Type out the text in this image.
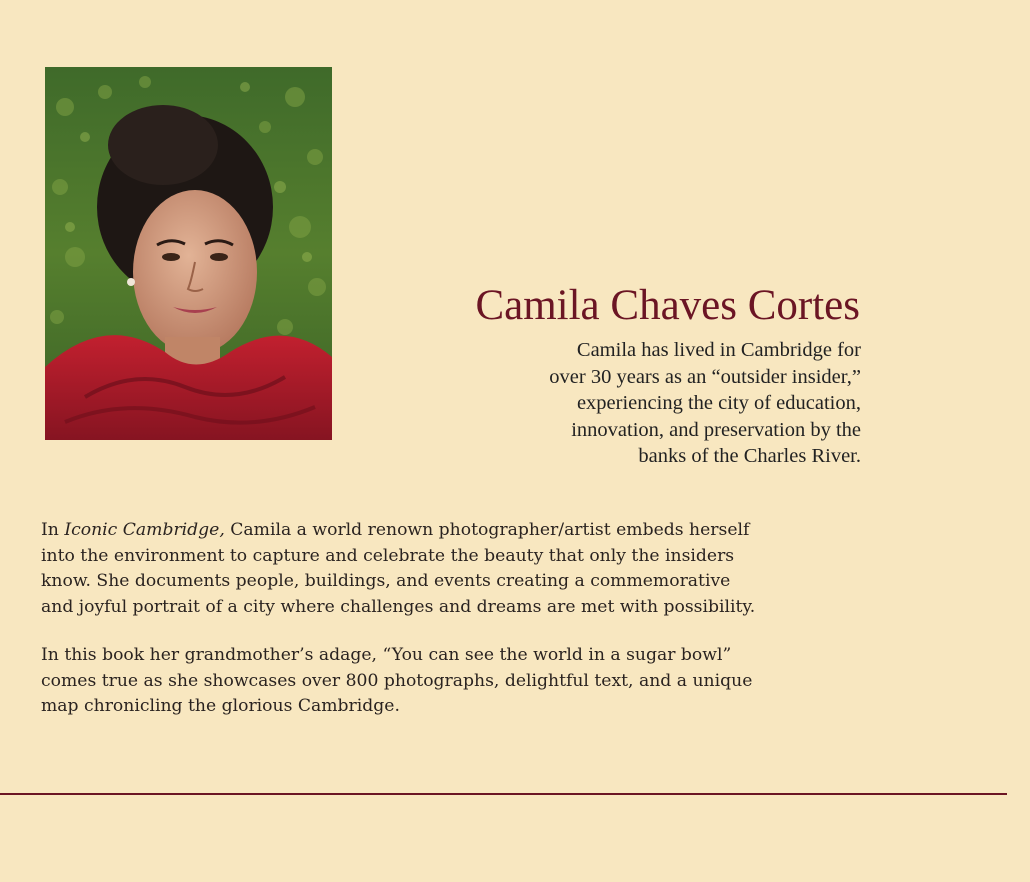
Camila Chaves Cortes
Camila has lived in Cambridge for
over 30 years as an “outsider insider,”
experiencing the city of education,
innovation, and preservation by the
banks of the Charles River.
In Iconic Cambridge, Camila a world renown photographer/artist embeds herself
into the environment to capture and celebrate the beauty that only the insiders
know. She documents people, buildings, and events creating a commemorative
and joyful portrait of a city where challenges and dreams are met with possibility.
In this book her grandmother’s adage, “You can see the world in a sugar bowl”
comes true as she showcases over 800 photographs, delightful text, and a unique
map chronicling the glorious Cambridge.
